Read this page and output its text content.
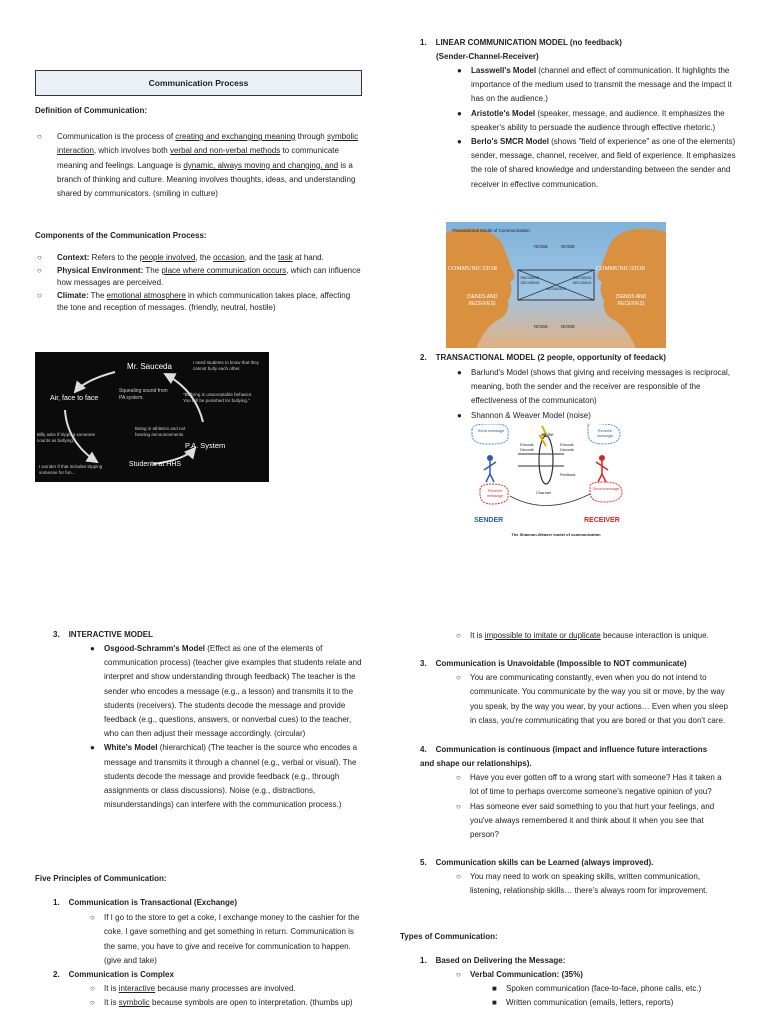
Communication Process
Definition of Communication:
○ Communication is the process of creating and exchanging meaning through symbolic interaction, which involves both verbal and non-verbal methods to communicate meaning and feelings. Language is dynamic, always moving and changing, and is a branch of thinking and culture. Meaning involves thoughts, ideas, and understanding shared by communicators. (smiling in culture)
Components of the Communication Process:
○ Context: Refers to the people involved, the occasion, and the task at hand.
○ Physical Environment: The place where communication occurs, which can influence how messages are perceived.
○ Climate: The emotional atmosphere in which communication takes place, affecting the tone and reception of messages. (friendly, neutral, hostile)
Mr. Sauceda
Air, face to face
P.A. System
Students at HHS
I need students to know that they cannot bully each other.
Squealing sound from PA system.	"Bullying is unacceptable behavior. You will be punished for bullying."
Being in athletics and not hearing announcements.
Billy asks if tripping someone counts as bullying.
I wonder if that includes tripping someone for fun...
1. LINEAR COMMUNICATION MODEL (no feedback)
(Sender-Channel-Receiver)
● Lasswell's Model (channel and effect of communication. It highlights the importance of the medium used to transmit the message and the impact it has on the audience.)
● Aristotle's Model (speaker, message, and audience. It emphasizes the speaker's ability to persuade the audience through effective rhetoric.)
● Berlo's SMCR Model (shows "field of experience" as one of the elements) sender, message, channel, receiver, and field of experience. It emphasizes the role of shared knowledge and understanding between the sender and receiver in effective communication.
Transactional Model of Communication
NOISE	NOISE
NOISE	NOISE
COMMUNICATOR	COMMUNICATOR
(SENDS AND RECEIVES)
(SENDS AND RECEIVES)
ENCODING DECODING
ENCODING DECODING
MESSAGES
2. TRANSACTIONAL MODEL (2 people, opportunity of feedack)
● Barlund's Model (shows that giving and receiving messages is reciprocal, meaning, both the sender and the receiver are responsible of the effectiveness of the communicaton)
● Shannon & Weaver Model (noise)
Noise
Send message	Receive message
Receive message
Send message
Encode Decode
Encode Decode
Channel
Feedback
SENDER	RECEIVER
The Shannon-Weaver model of communication
3. INTERACTIVE MODEL
● Osgood-Schramm's Model (Effect as one of the elements of communication process) (teacher give examples that students relate and interpret and show understanding through feedback) The teacher is the sender who encodes a message (e.g., a lesson) and transmits it to the students (receivers). The students decode the message and provide feedback (e.g., questions, answers, or nonverbal cues) to the teacher, who can then adjust their message accordingly. (circular)
● White's Model (hierarchical) (The teacher is the source who encodes a message and transmits it through a channel (e.g., verbal or visual). The students decode the message and provide feedback (e.g., through assignments or class discussions). Noise (e.g., distractions, misunderstandings) can interfere with the communication process.)
Five Principles of Communication:
1. Communication is Transactional (Exchange)
○ If I go to the store to get a coke, I exchange money to the cashier for the coke. I gave something and get something in return. Communication is the same, you have to give and receive for communication to happen. (give and take)
2. Communication is Complex
○ It is interactive because many processes are involved.
○ It is symbolic because symbols are open to interpretation. (thumbs up)
○ It is impossible to imitate or duplicate because interaction is unique.
3. Communication is Unavoidable (Impossible to NOT communicate)
○ You are communicating constantly, even when you do not intend to communicate. You communicate by the way you sit or move, by the way you speak, by the way you wear, by your actions… Even when you sleep in class, you're communicating that you are bored or that you don't care.
4. Communication is continuous (impact and influence future interactions and shape our relationships).
○ Have you ever gotten off to a wrong start with someone? Has it taken a lot of time to perhaps overcome someone's negative opinion of you?
○ Has someone ever said something to you that hurt your feelings, and you've always remembered it and think about it when you see that person?
5. Communication skills can be Learned (always improved).
○ You may need to work on speaking skills, written communication, listening, relationship skills… there's always room for improvement.
Types of Communication:
1. Based on Delivering the Message:
○ Verbal Communication: (35%)
■ Spoken communication (face-to-face, phone calls, etc.)
■ Written communication (emails, letters, reports)
